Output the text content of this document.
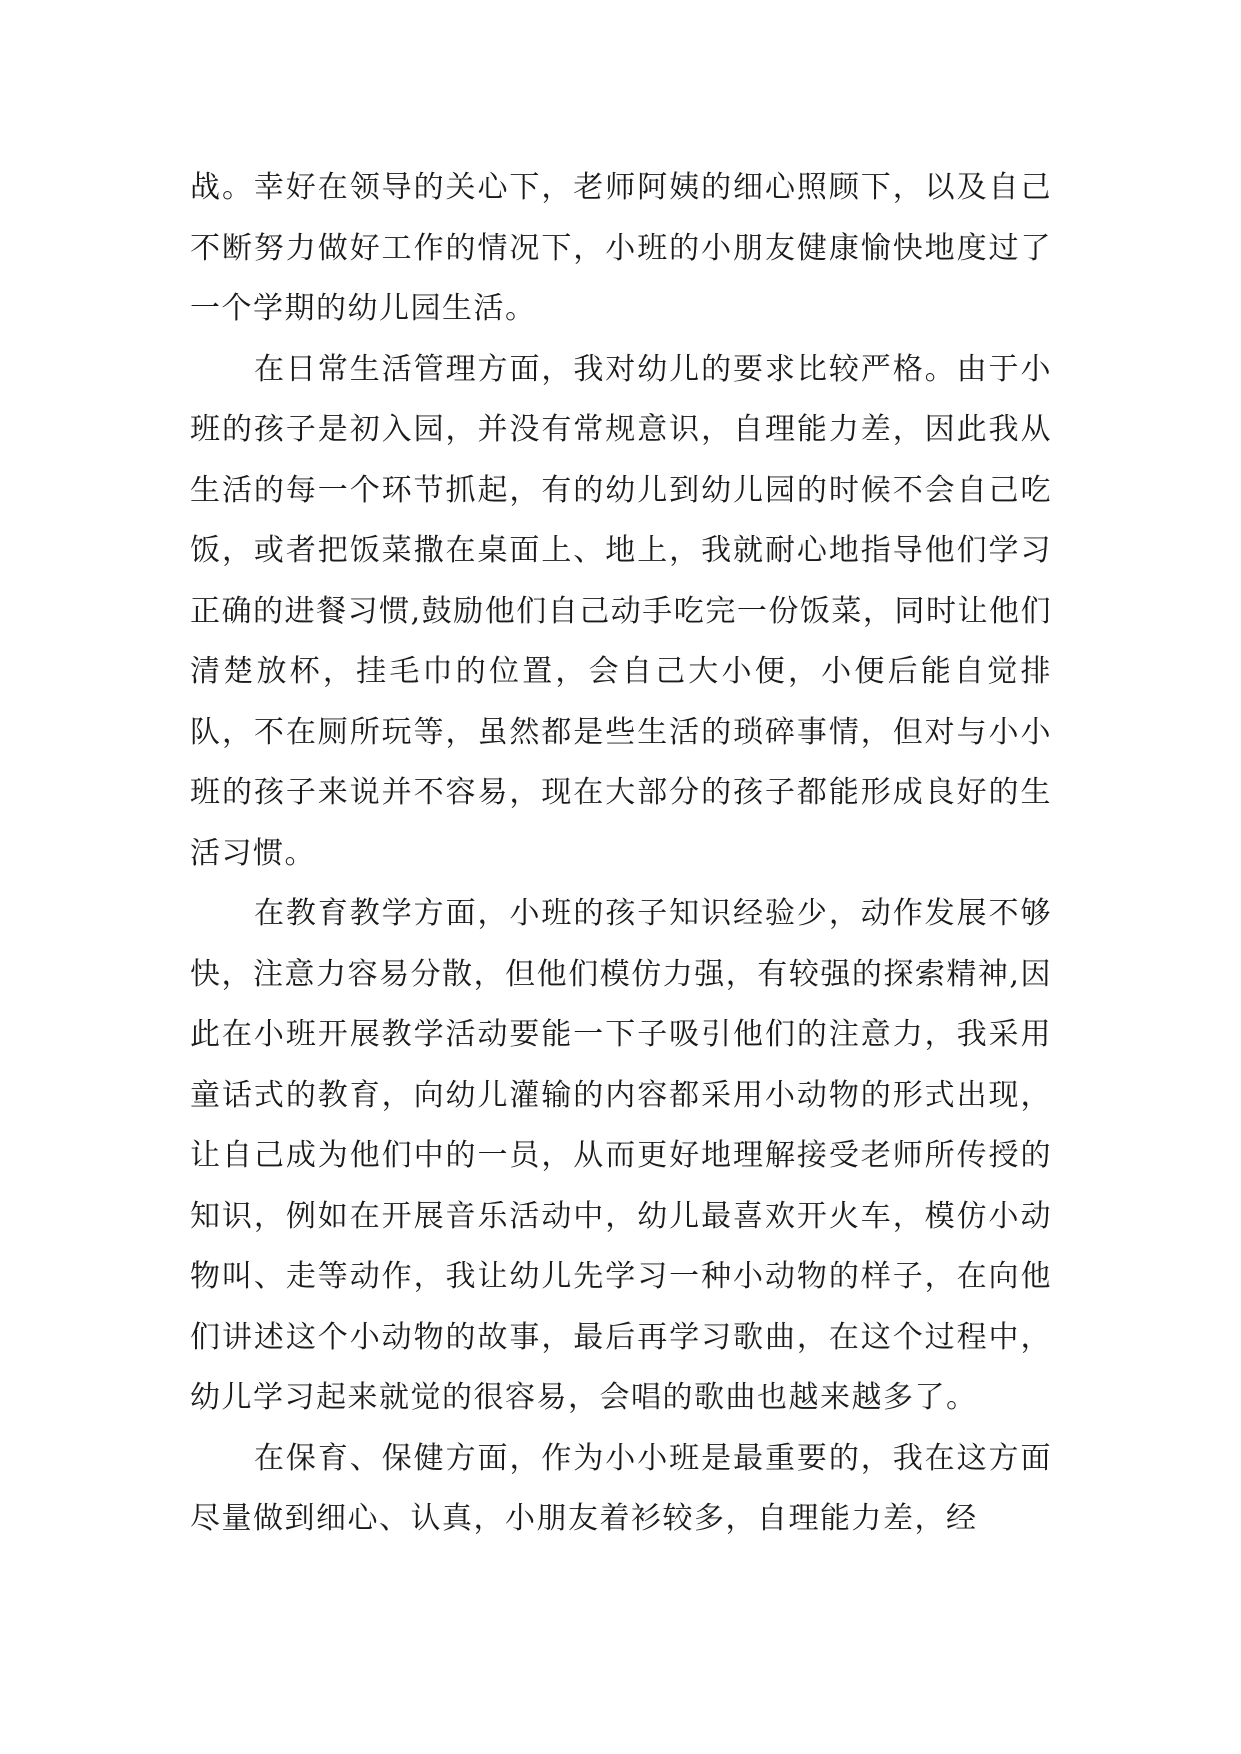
战。幸好在领导的关心下，老师阿姨的细心照顾下，以及自己不断努力做好工作的情况下，小班的小朋友健康愉快地度过了一个学期的幼儿园生活。

在日常生活管理方面，我对幼儿的要求比较严格。由于小班的孩子是初入园，并没有常规意识，自理能力差，因此我从生活的每一个环节抓起，有的幼儿到幼儿园的时候不会自己吃饭，或者把饭菜撒在桌面上、地上，我就耐心地指导他们学习正确的进餐习惯,鼓励他们自己动手吃完一份饭菜，同时让他们清楚放杯，挂毛巾的位置，会自己大小便，小便后能自觉排队，不在厕所玩等，虽然都是些生活的琐碎事情，但对与小小班的孩子来说并不容易，现在大部分的孩子都能形成良好的生活习惯。

在教育教学方面，小班的孩子知识经验少，动作发展不够快，注意力容易分散，但他们模仿力强，有较强的探索精神,因此在小班开展教学活动要能一下子吸引他们的注意力，我采用童话式的教育，向幼儿灌输的内容都采用小动物的形式出现，让自己成为他们中的一员，从而更好地理解接受老师所传授的知识，例如在开展音乐活动中，幼儿最喜欢开火车，模仿小动物叫、走等动作，我让幼儿先学习一种小动物的样子，在向他们讲述这个小动物的故事，最后再学习歌曲，在这个过程中，幼儿学习起来就觉的很容易，会唱的歌曲也越来越多了。

在保育、保健方面，作为小小班是最重要的，我在这方面尽量做到细心、认真，小朋友着衫较多，自理能力差，经
